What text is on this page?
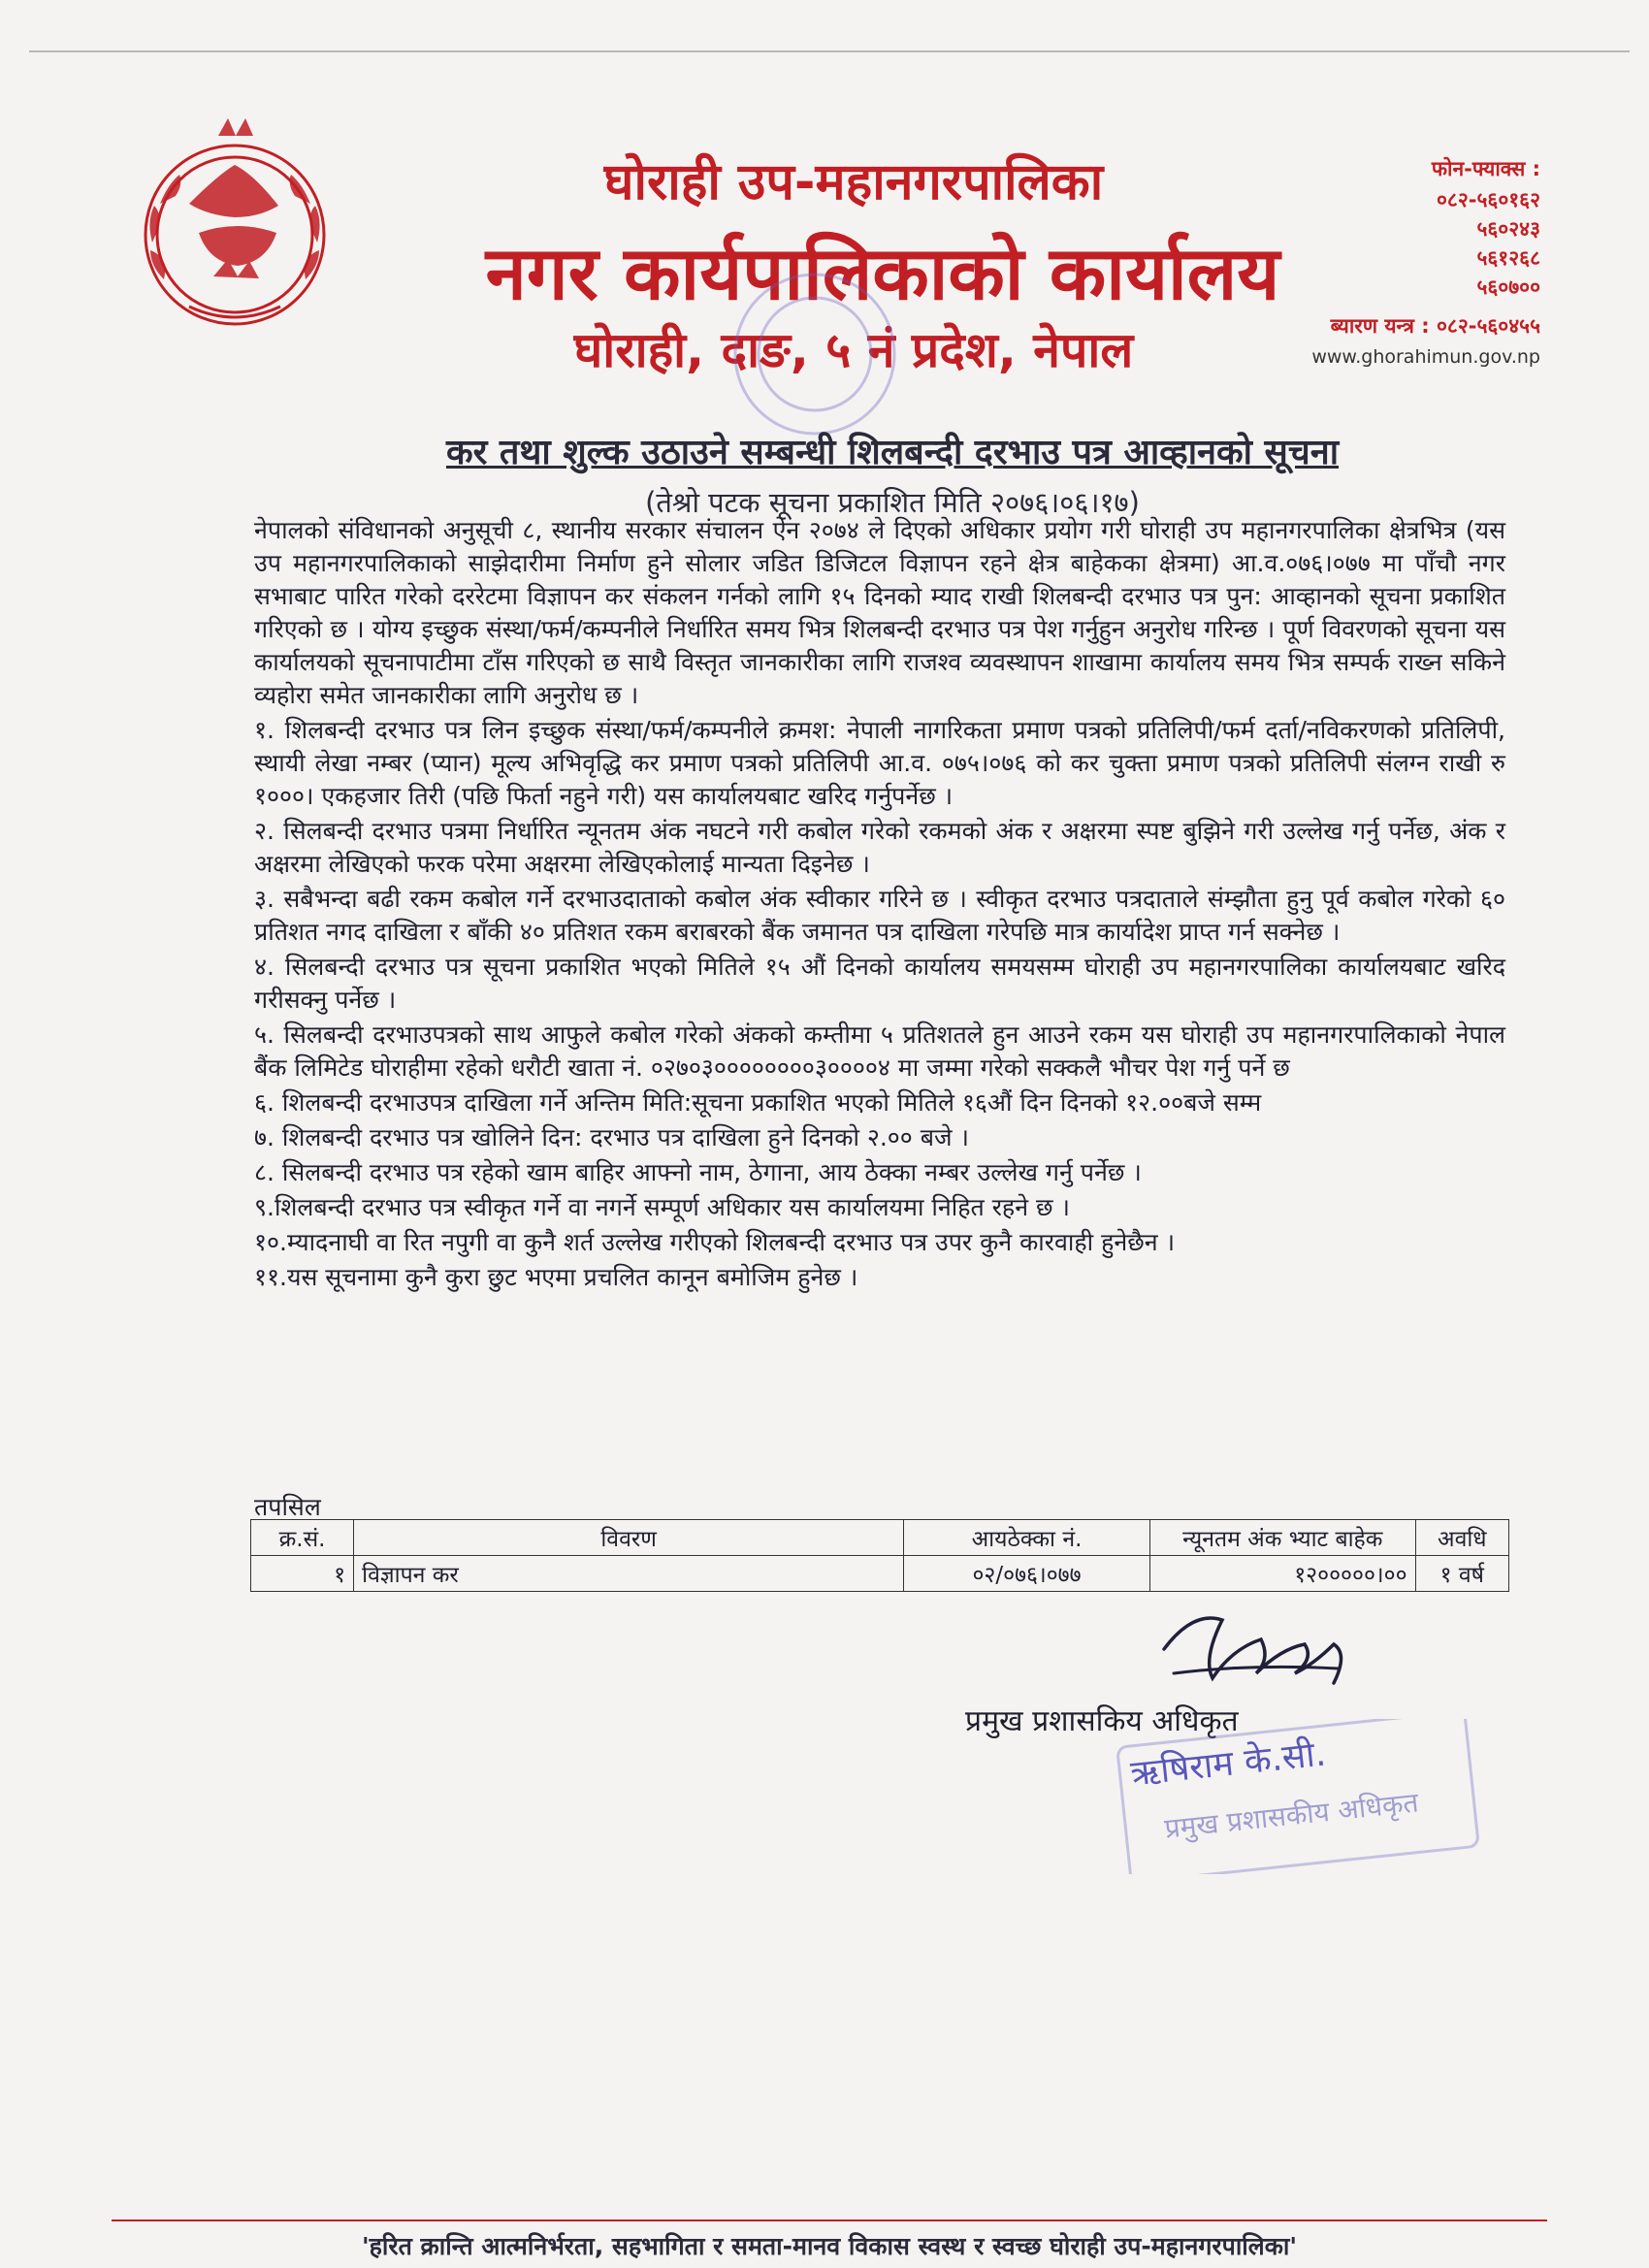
घोराही उप-महानगरपालिका
नगर कार्यपालिकाको कार्यालय
घोराही, दाङ, ५ नं प्रदेश, नेपाल
फोन-फ्याक्स :
०८२-५६०१६२
५६०२४३
५६१२६८
५६०७००
ब्यारण यन्त्र : ०८२-५६०४५५
www.ghorahimun.gov.np
कर तथा शुल्क उठाउने सम्बन्धी शिलबन्दी दरभाउ पत्र आव्हानको सूचना
(तेश्रो पटक सूचना प्रकाशित मिति २०७६।०६।१७)

नेपालको संविधानको अनुसूची ८, स्थानीय सरकार संचालन ऐन २०७४ ले दिएको अधिकार प्रयोग गरी घोराही उप महानगरपालिका क्षेत्रभित्र (यस उप महानगरपालिकाको साझेदारीमा निर्माण हुने सोलार जडित डिजिटल विज्ञापन रहने क्षेत्र बाहेकका क्षेत्रमा) आ.व.०७६।०७७ मा पाँचौ नगर सभाबाट पारित गरेको दररेटमा विज्ञापन कर संकलन गर्नको लागि १५ दिनको म्याद राखी शिलबन्दी दरभाउ पत्र पुन: आव्हानको सूचना प्रकाशित गरिएको छ । योग्य इच्छुक संस्था/फर्म/कम्पनीले निर्धारित समय भित्र शिलबन्दी दरभाउ पत्र पेश गर्नुहुन अनुरोध गरिन्छ । पूर्ण विवरणको सूचना यस कार्यालयको सूचनापाटीमा टाँस गरिएको छ साथै विस्तृत जानकारीका लागि राजश्व व्यवस्थापन शाखामा कार्यालय समय भित्र सम्पर्क राख्न सकिने व्यहोरा समेत जानकारीका लागि अनुरोध छ ।

१. शिलबन्दी दरभाउ पत्र लिन इच्छुक संस्था/फर्म/कम्पनीले क्रमश: नेपाली नागरिकता प्रमाण पत्रको प्रतिलिपी/फर्म दर्ता/नविकरणको प्रतिलिपी, स्थायी लेखा नम्बर (प्यान) मूल्य अभिवृद्धि कर प्रमाण पत्रको प्रतिलिपी आ.व. ०७५।०७६ को कर चुक्ता प्रमाण पत्रको प्रतिलिपी संलग्न राखी रु १०००। एकहजार तिरी (पछि फिर्ता नहुने गरी) यस कार्यालयबाट खरिद गर्नुपर्नेछ ।

२. सिलबन्दी दरभाउ पत्रमा निर्धारित न्यूनतम अंक नघटने गरी कबोल गरेको रकमको अंक र अक्षरमा स्पष्ट बुझिने गरी उल्लेख गर्नु पर्नेछ, अंक र अक्षरमा लेखिएको फरक परेमा अक्षरमा लेखिएकोलाई मान्यता दिइनेछ ।

३. सबैभन्दा बढी रकम कबोल गर्ने दरभाउदाताको कबोल अंक स्वीकार गरिने छ । स्वीकृत दरभाउ पत्रदाताले संम्झौता हुनु पूर्व कबोल गरेको ६० प्रतिशत नगद दाखिला र बाँकी ४० प्रतिशत रकम बराबरको बैंक जमानत पत्र दाखिला गरेपछि मात्र कार्यादेश प्राप्त गर्न सक्नेछ ।

४. सिलबन्दी दरभाउ पत्र सूचना प्रकाशित भएको मितिले १५ औं दिनको कार्यालय समयसम्म घोराही उप महानगरपालिका कार्यालयबाट खरिद गरीसक्नु पर्नेछ ।

५. सिलबन्दी दरभाउपत्रको साथ आफुले कबोल गरेको अंकको कम्तीमा ५ प्रतिशतले हुन आउने रकम यस घोराही उप महानगरपालिकाको नेपाल बैंक लिमिटेड घोराहीमा रहेको धरौटी खाता नं. ०२७०३००००००००३००००४ मा जम्मा गरेको सक्कलै भौचर पेश गर्नु पर्ने छ

६. शिलबन्दी दरभाउपत्र दाखिला गर्ने अन्तिम मिति:सूचना प्रकाशित भएको मितिले १६औं दिन दिनको १२.००बजे सम्म

७. शिलबन्दी दरभाउ पत्र खोलिने दिन: दरभाउ पत्र दाखिला हुने दिनको २.०० बजे ।

८. सिलबन्दी दरभाउ पत्र रहेको खाम बाहिर आफ्नो नाम, ठेगाना, आय ठेक्का नम्बर उल्लेख गर्नु पर्नेछ ।

९.शिलबन्दी दरभाउ पत्र स्वीकृत गर्ने वा नगर्ने सम्पूर्ण अधिकार यस कार्यालयमा निहित रहने छ ।

१०.म्यादनाघी वा रित नपुगी वा कुनै शर्त उल्लेख गरीएको शिलबन्दी दरभाउ पत्र उपर कुनै कारवाही हुनेछैन ।

११.यस सूचनामा कुनै कुरा छुट भएमा प्रचलित कानून बमोजिम हुनेछ ।

तपसिल
क्र.सं.	विवरण	आयठेक्का नं.	न्यूनतम अंक भ्याट बाहेक	अवधि
१	विज्ञापन कर	०२/०७६।०७७	१२०००००।००	१ वर्ष
प्रमुख प्रशासकिय अधिकृत
ऋषिराम के.सी.
प्रमुख प्रशासकीय अधिकृत
'हरित क्रान्ति आत्मनिर्भरता, सहभागिता र समता-मानव विकास स्वस्थ र स्वच्छ घोराही उप-महानगरपालिका'
